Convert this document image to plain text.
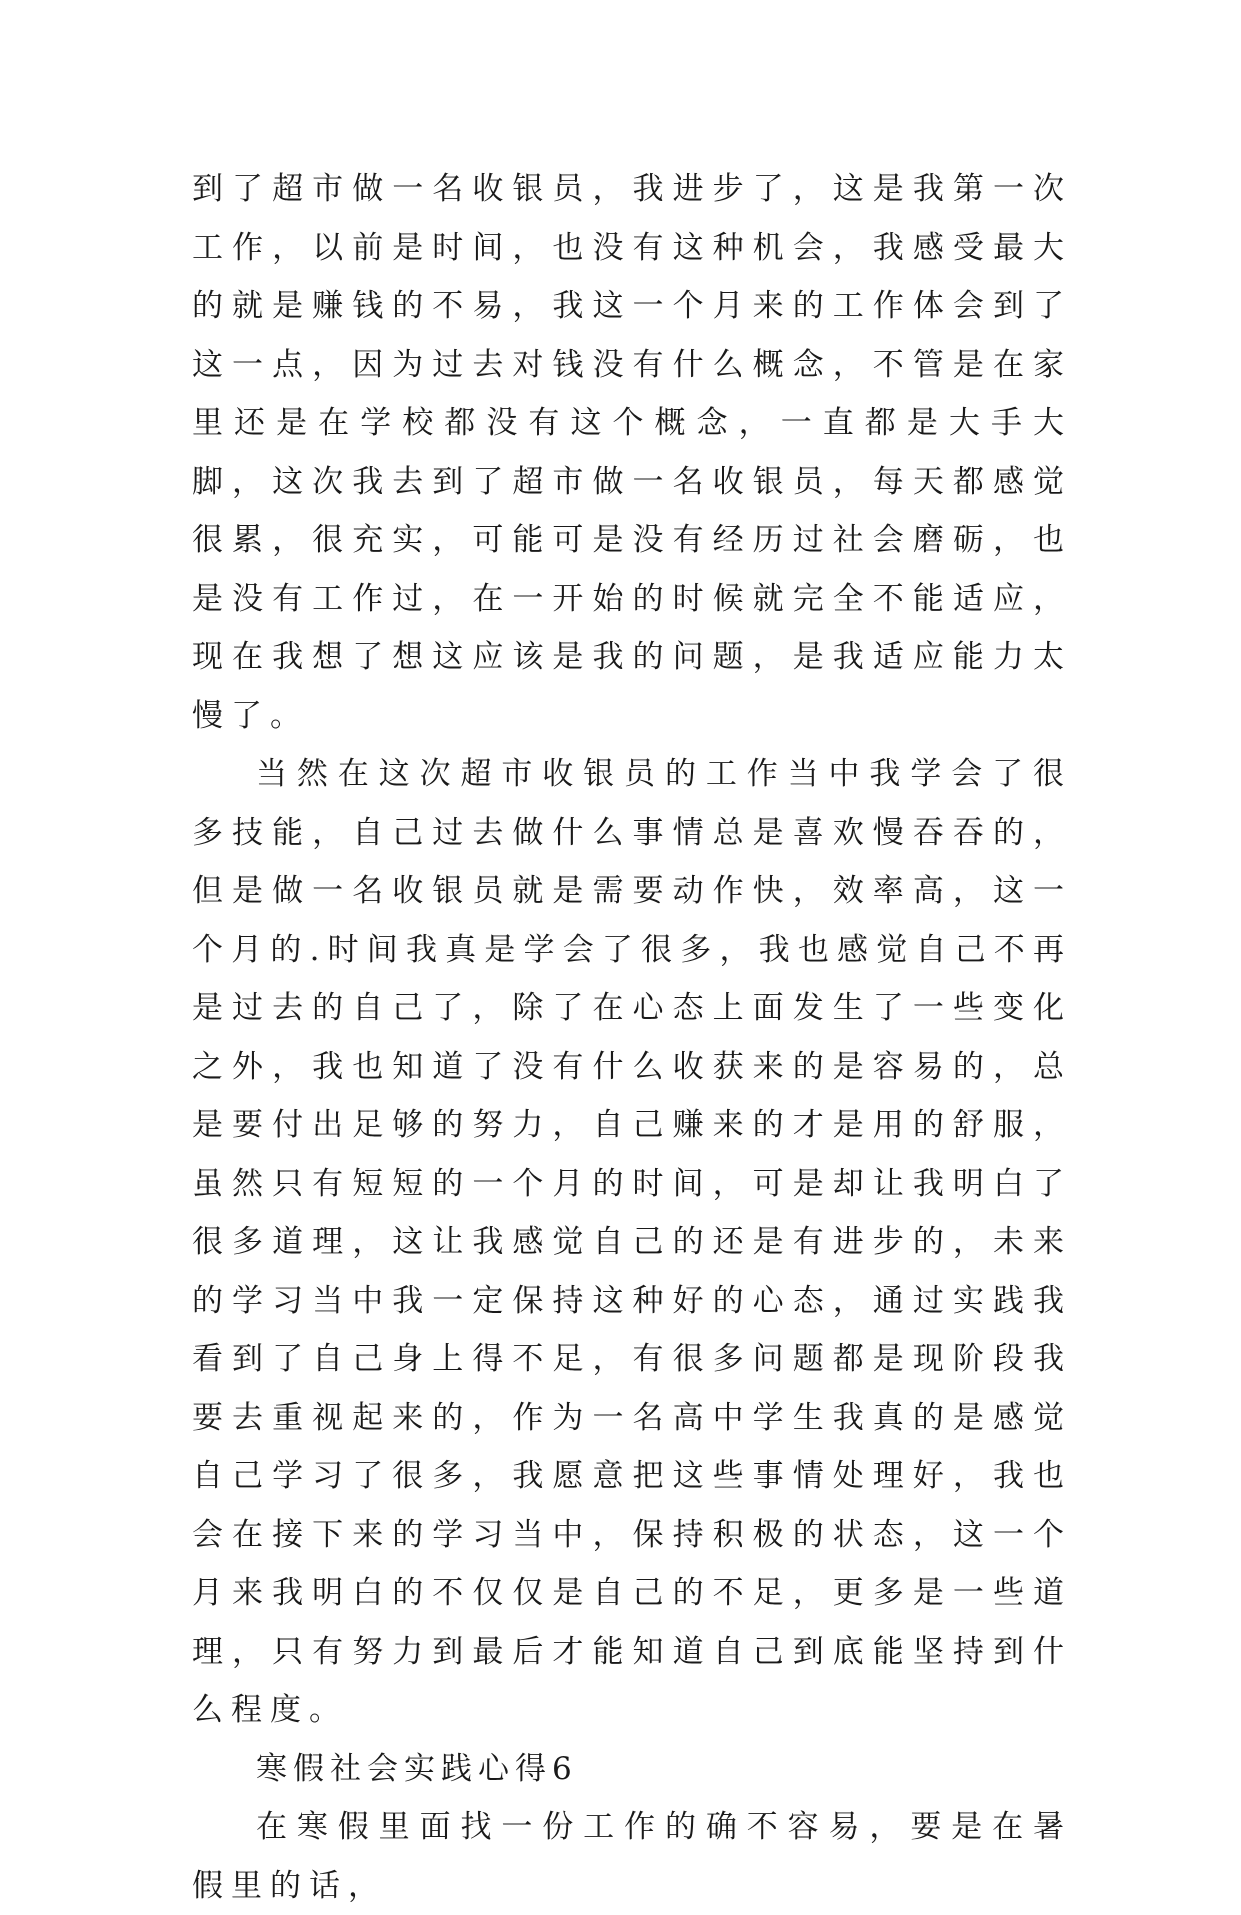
到了超市做一名收银员，我进步了，这是我第一次工作，以前是时间，也没有这种机会，我感受最大的就是赚钱的不易，我这一个月来的工作体会到了这一点，因为过去对钱没有什么概念，不管是在家里还是在学校都没有这个概念，一直都是大手大脚，这次我去到了超市做一名收银员，每天都感觉很累，很充实，可能可是没有经历过社会磨砺，也是没有工作过，在一开始的时候就完全不能适应，现在我想了想这应该是我的问题，是我适应能力太慢了。

当然在这次超市收银员的工作当中我学会了很多技能，自己过去做什么事情总是喜欢慢吞吞的，但是做一名收银员就是需要动作快，效率高，这一个月的.时间我真是学会了很多，我也感觉自己不再是过去的自己了，除了在心态上面发生了一些变化之外，我也知道了没有什么收获来的是容易的，总是要付出足够的努力，自己赚来的才是用的舒服，虽然只有短短的一个月的时间，可是却让我明白了很多道理，这让我感觉自己的还是有进步的，未来的学习当中我一定保持这种好的心态，通过实践我看到了自己身上得不足，有很多问题都是现阶段我要去重视起来的，作为一名高中学生我真的是感觉自己学习了很多，我愿意把这些事情处理好，我也会在接下来的学习当中，保持积极的状态，这一个月来我明白的不仅仅是自己的不足，更多是一些道理，只有努力到最后才能知道自己到底能坚持到什么程度。

寒假社会实践心得6

在寒假里面找一份工作的确不容易，要是在暑假里的话，
